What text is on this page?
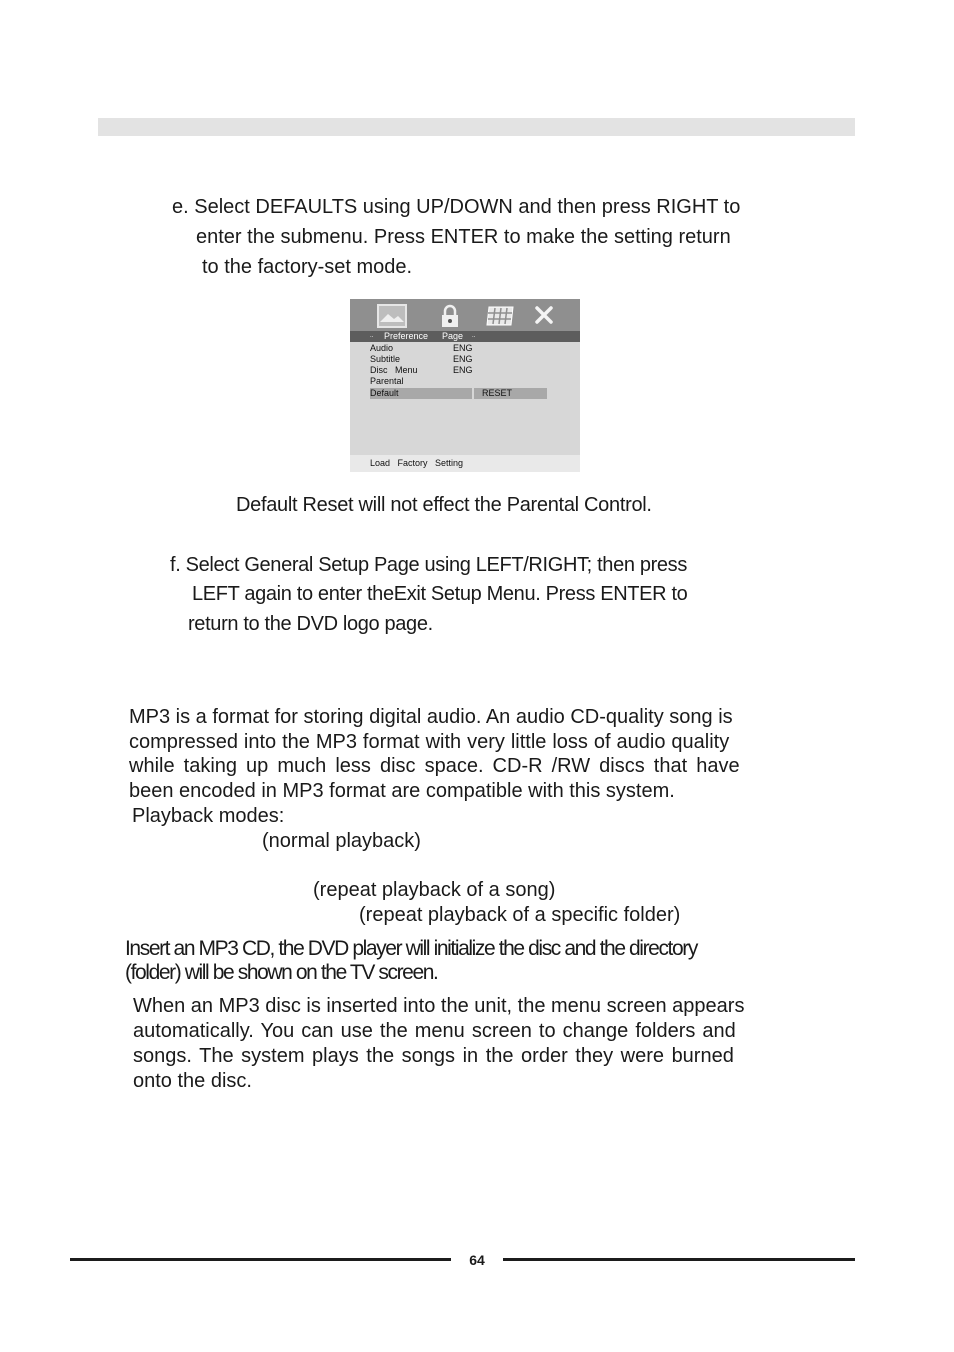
e. Select DEFAULTS using UP/DOWN and then press RIGHT to

enter the submenu. Press ENTER to make the setting return

to the factory-set mode.

.. Preference Page ..
Audio	ENG
Subtitle	ENG
Disc   Menu	ENG
Parental
Default	RESET
Load   Factory   Setting

Default Reset will not effect the Parental Control.

f. Select General Setup Page using LEFT/RIGHT; then press

LEFT again to enter theExit Setup Menu. Press ENTER to

return to the DVD logo page.

MP3 is a format for storing digital audio. An audio CD-quality song is

compressed into the MP3 format with very little loss of audio quality

while taking up much less disc space. CD-R /RW discs that have

been encoded in MP3 format are compatible with this system.

Playback modes:

(normal playback)

(repeat playback of a song)

(repeat playback of a specific folder)

Insert an MP3 CD, the DVD player will initialize the disc and the directory

(folder) will be shown on the TV screen.

When an MP3 disc is inserted into the unit, the menu screen appears

automatically. You can use the menu screen to change folders and

songs. The system plays the songs in the order they were burned

onto the disc.

64
